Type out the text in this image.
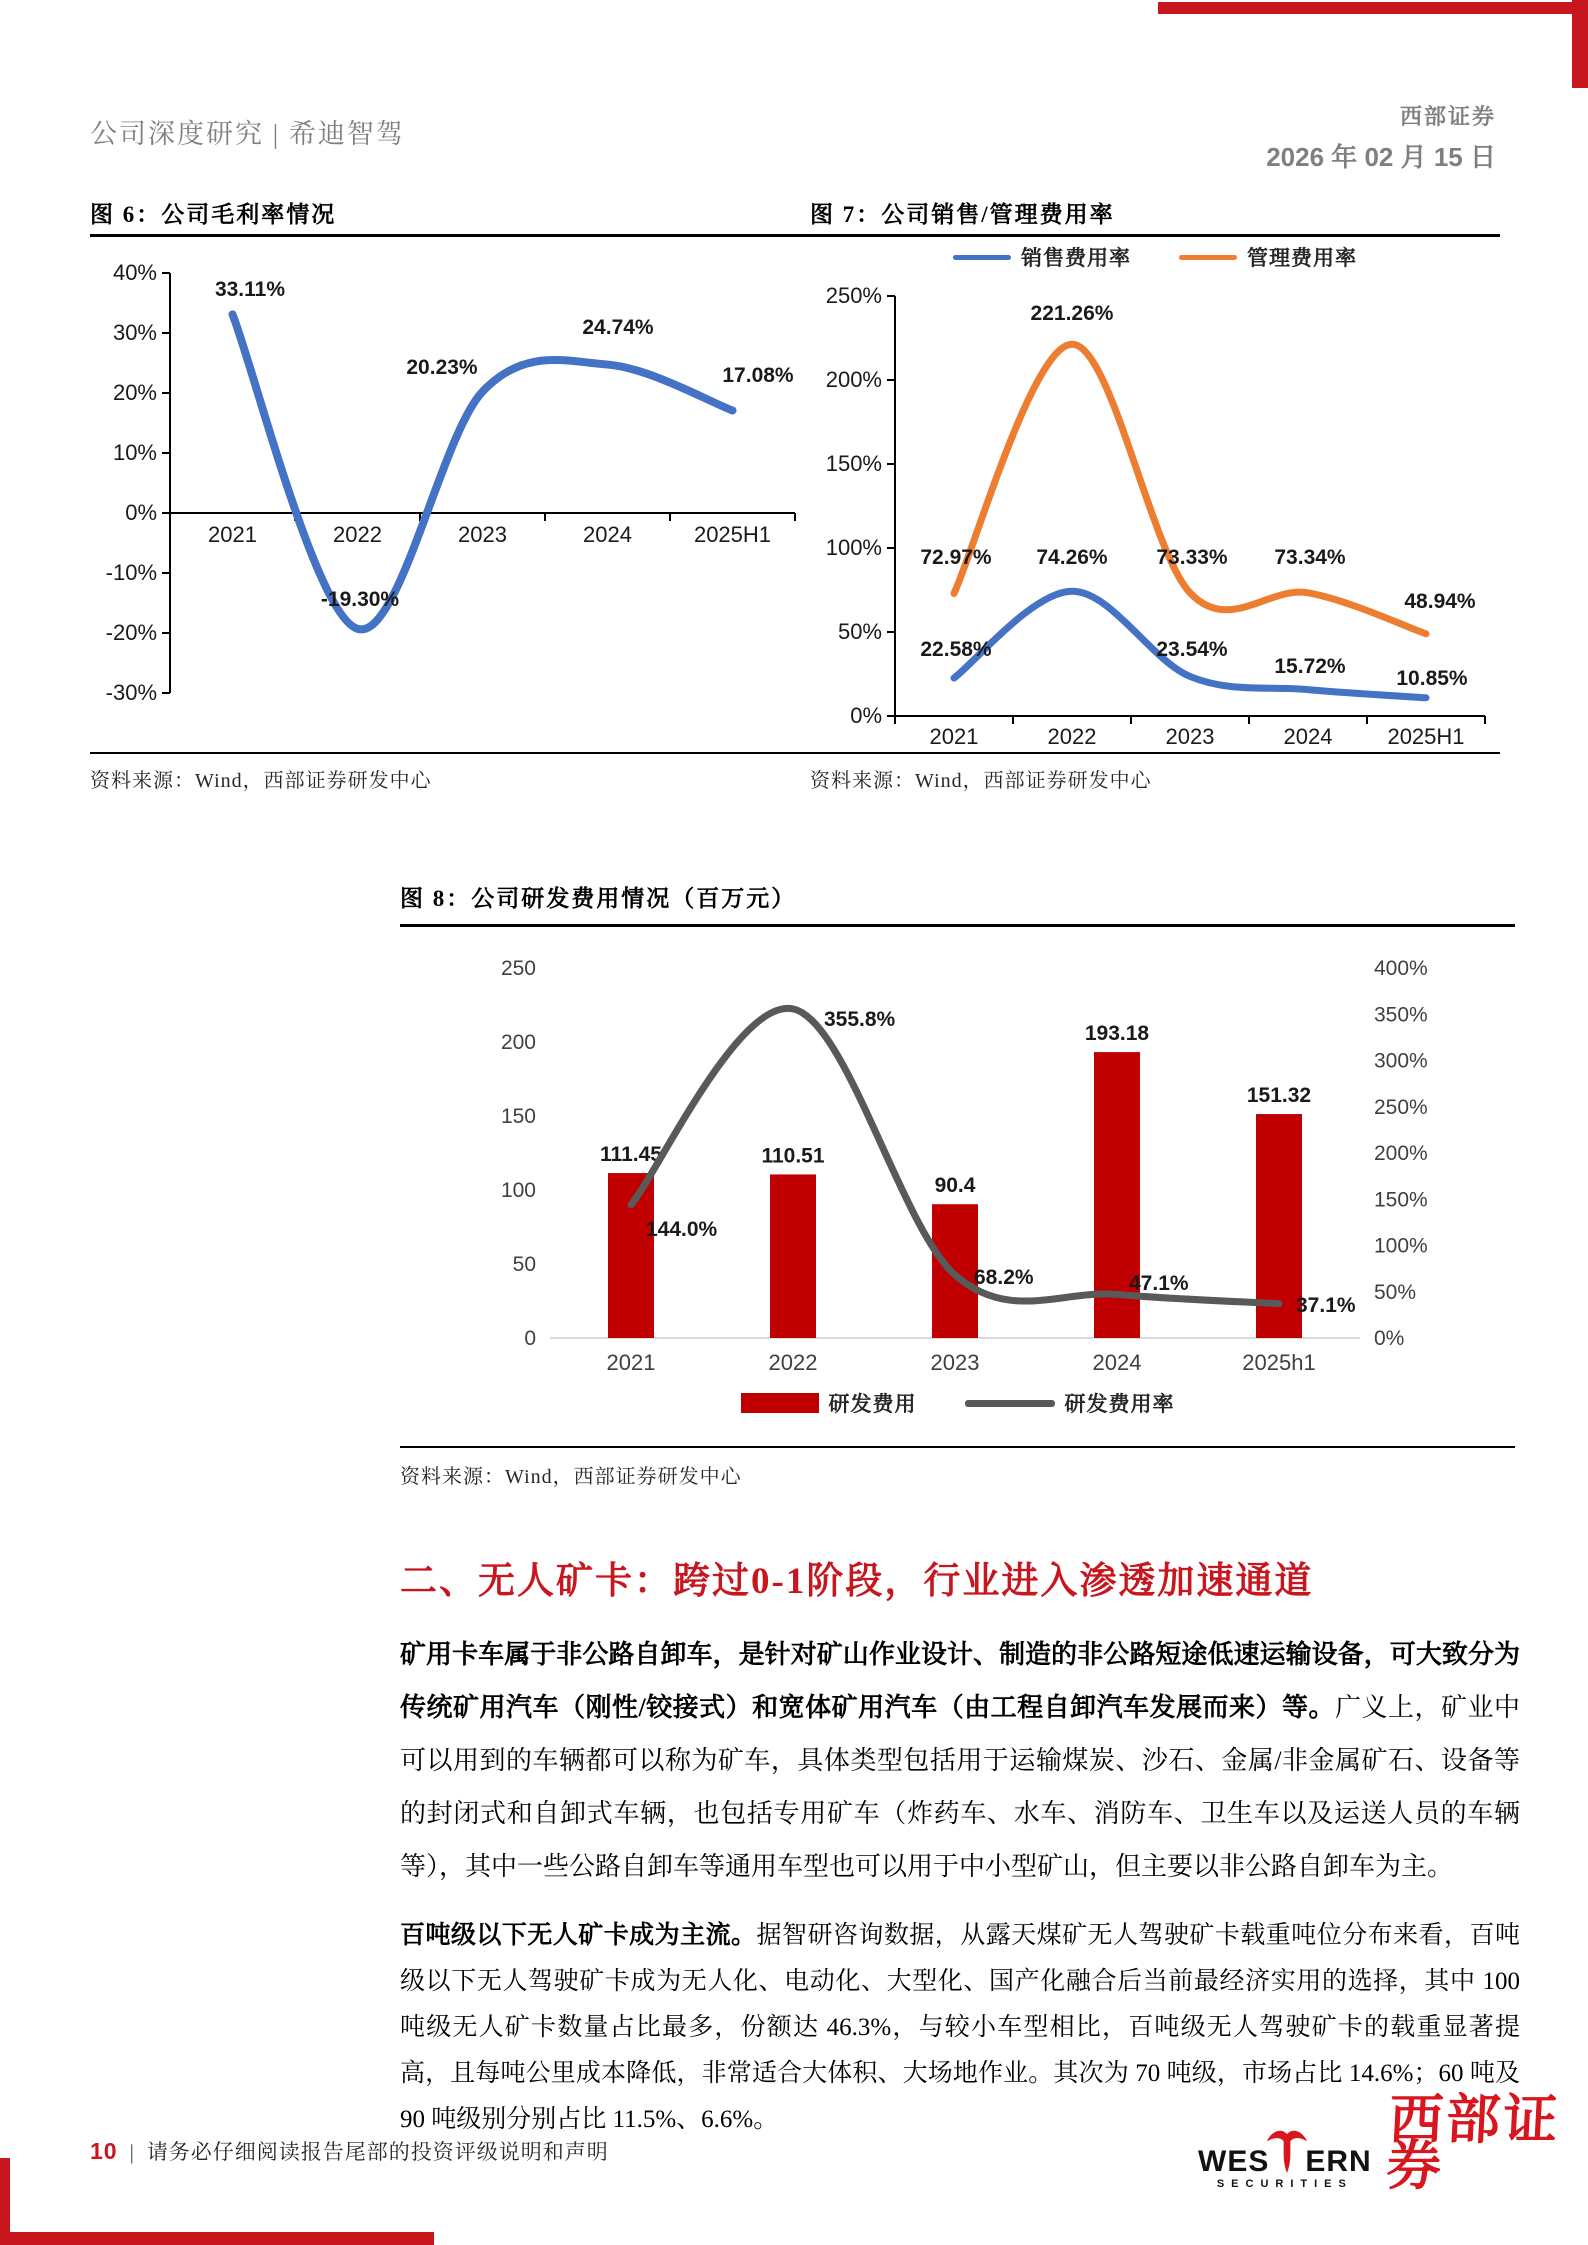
公司深度研究 | 希迪智驾
西部证券
2026 年 02 月 15 日
图 6：公司毛利率情况
-30%
-20%
-10%
0%
10%
20%
30%
40%
2021	2022	2023	2024	2025H1
33.11%
-19.30%
20.23%
24.74%
17.08%
资料来源：Wind，西部证券研发中心
图 7：公司销售/管理费用率
销售费用率	管理费用率
0%
50%
100%
150%
200%
250%
2021	2022	2023	2024 2025H1
22.58%
74.26%
23.54%
15.72%
10.85%
72.97%
221.26%
73.33% 73.34%
48.94%
资料来源：Wind，西部证券研发中心
图 8：公司研发费用情况（百万元）
0
50
100
150
200
250
0%
50%
100%
150%
200%
250%
300%
350%
400%
2021	2022	2023	2024	2025h1
111.45	110.51
90.4
193.18
151.32
144.0%
355.8%
68.2%	47.1%
37.1%
研发费用	研发费用率
资料来源：Wind，西部证券研发中心
二、无人矿卡：跨过0-1阶段，行业进入渗透加速通道

矿用卡车属于非公路自卸车，是针对矿山作业设计、制造的非公路短途低速运输设备，可大致分为传统矿用汽车（刚性/铰接式）和宽体矿用汽车（由工程自卸汽车发展而来）等。广义上，矿业中可以用到的车辆都可以称为矿车，具体类型包括用于运输煤炭、沙石、金属/非金属矿石、设备等的封闭式和自卸式车辆，也包括专用矿车（炸药车、水车、消防车、卫生车以及运送人员的车辆等），其中一些公路自卸车等通用车型也可以用于中小型矿山，但主要以非公路自卸车为主。

百吨级以下无人矿卡成为主流。据智研咨询数据，从露天煤矿无人驾驶矿卡载重吨位分布来看，百吨级以下无人驾驶矿卡成为无人化、电动化、大型化、国产化融合后当前最经济实用的选择，其中 100 吨级无人矿卡数量占比最多，份额达 46.3%，与较小车型相比，百吨级无人驾驶矿卡的载重显著提高，且每吨公里成本降低，非常适合大体积、大场地作业。其次为 70 吨级，市场占比 14.6%；60 吨及 90 吨级别分别占比 11.5%、6.6%。

10 | 请务必仔细阅读报告尾部的投资评级说明和声明	WES ERN
SECURITIES
西部证券
